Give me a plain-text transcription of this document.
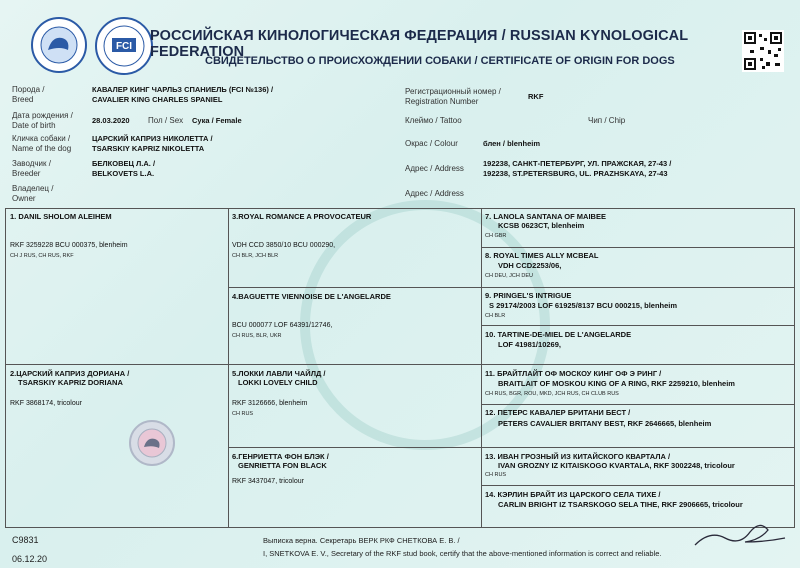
FCI
РОССИЙСКАЯ КИНОЛОГИЧЕСКАЯ ФЕДЕРАЦИЯ / RUSSIAN KYNOLOGICAL FEDERATION
СВИДЕТЕЛЬСТВО О ПРОИСХОЖДЕНИИ СОБАКИ / CERTIFICATE OF ORIGIN FOR DOGS
Порода /
Breed
КАВАЛЕР КИНГ ЧАРЛЬЗ СПАНИЕЛЬ (FCI №136) /
CAVALIER KING CHARLES SPANIEL
Дата рождения /
Date of birth
28.03.2020 Пол / Sex Сука / Female
Кличка собаки /
Name of the dog
ЦАРСКИЙ КАПРИЗ НИКОЛЕТТА /
TSARSKIY KAPRIZ NIKOLETTA
Заводчик /
Breeder
БЕЛКОВЕЦ Л.А. /
BELKOVETS L.A.
Владелец /
Owner
Регистрационный номер /
Registration Number
RKF
Клеймо / Tattoo	Чип / Chip
Окрас / Colour	блен / blenheim
Адрес / Address
192238, САНКТ-ПЕТЕРБУРГ, УЛ. ПРАЖСКАЯ, 27-43 /
192238, ST.PETERSBURG, UL. PRAZHSKAYA, 27-43
Адрес / Address
1. DANIL SHOLOM ALEIHEM
RKF 3259228 BCU 000375, blenheim
CH J RUS, CH RUS, RKF
2.ЦАРСКИЙ КАПРИЗ ДОРИАНА /
TSARSKIY KAPRIZ DORIANA
RKF 3868174, tricolour
3.ROYAL ROMANCE A PROVOCATEUR
VDH CCD 3850/10 BCU 000290,
CH BLR, JCH BLR
4.BAGUETTE VIENNOISE DE L'ANGELARDE
BCU 000077 LOF 64391/12746,
CH RUS, BLR, UKR
5.ЛОККИ ЛАВЛИ ЧАЙЛД /
LOKKI LOVELY CHILD
RKF 3126666, blenheim
CH RUS
6.ГЕНРИЕТТА ФОН БЛЭК /
GENRIETTA FON BLACK
RKF 3437047, tricolour
7. LANOLA SANTANA OF MAIBEE
KCSB 0623CT, blenheim
CH GBR
8. ROYAL TIMES ALLY MCBEAL
VDH CCD2253/06,
CH DEU, JCH DEU
9. PRINGEL'S INTRIGUE
S 29174/2003 LOF 61925/8137 BCU 000215, blenheim
CH BLR
10. TARTINE-DE-MIEL DE L'ANGELARDE
LOF 41981/10269,
11. БРАЙТЛАЙТ ОФ МОСКОУ КИНГ ОФ Э РИНГ /
BRAITLAIT OF MOSKOU KING OF A RING, RKF 2259210, blenheim
CH RUS, BGR, ROU, MKD, JCH RUS, CH CLUB RUS
12. ПЕТЕРС КАВАЛЕР БРИТАНИ БЕСТ /
PETERS CAVALIER BRITANY BEST, RKF 2646665, blenheim
13. ИВАН ГРОЗНЫЙ ИЗ КИТАЙСКОГО КВАРТАЛА /
IVAN GROZNY IZ KITAISKOGO KVARTALA, RKF 3002248, tricolour
CH RUS
14. КЭРЛИН БРАЙТ ИЗ ЦАРСКОГО СЕЛА ТИХЕ /
CARLIN BRIGHT IZ TSARSKOGO SELA TIHE, RKF 2906665, tricolour
C9831
06.12.20
Выписка верна. Секретарь ВЕРК РКФ СНЕТКОВА Е. В. /
I, SNETKOVA E. V., Secretary of the RKF stud book, certify that the above-mentioned information is correct and reliable.
